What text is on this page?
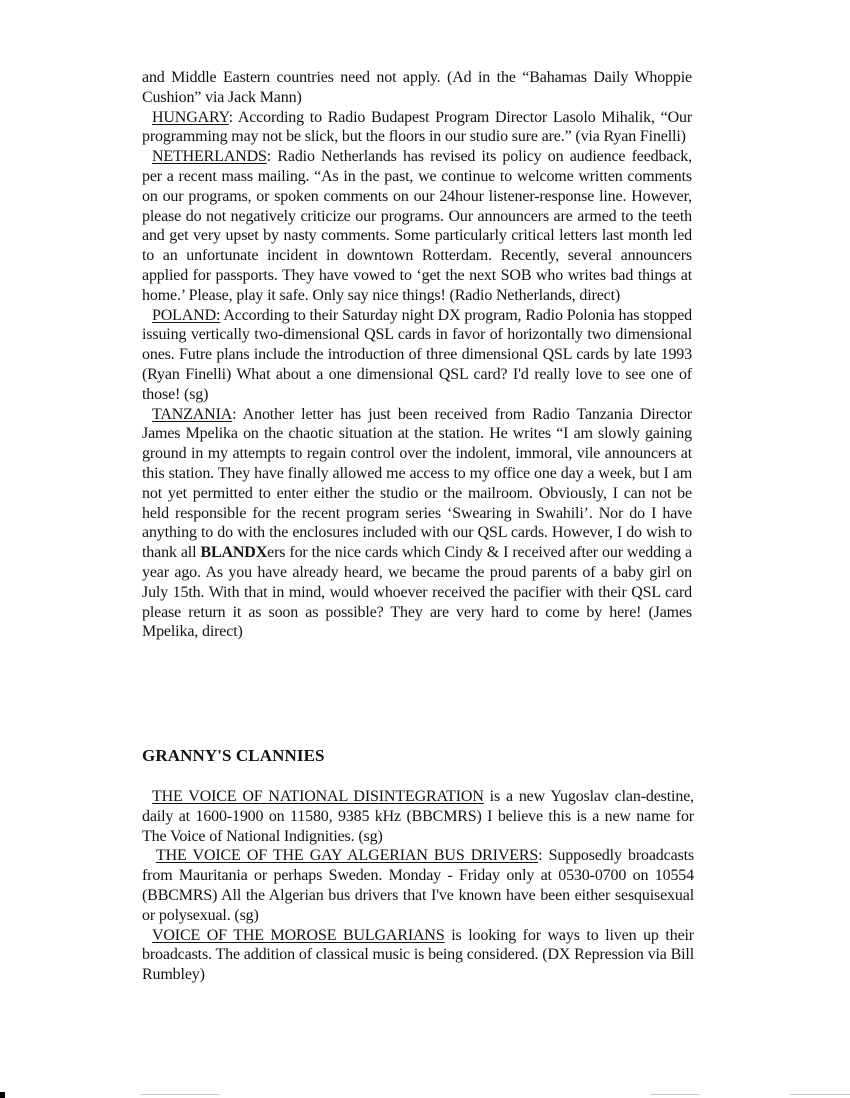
and Middle Eastern countries need not apply. (Ad in the “Bahamas Daily Whoppie Cushion” via Jack Mann)

HUNGARY: According to Radio Budapest Program Director Lasolo Mihalik, “Our programming may not be slick, but the floors in our studio sure are.” (via Ryan Finelli)

NETHERLANDS: Radio Netherlands has revised its policy on audience feedback, per a recent mass mailing. “As in the past, we continue to welcome written comments on our programs, or spoken comments on our 24hour listener-response line. However, please do not negatively criticize our programs. Our announcers are armed to the teeth and get very upset by nasty comments. Some particularly critical letters last month led to an unfortunate incident in downtown Rotterdam. Recently, several announcers applied for passports. They have vowed to ‘get the next SOB who writes bad things at home.’ Please, play it safe. Only say nice things! (Radio Netherlands, direct)

POLAND: According to their Saturday night DX program, Radio Polonia has stopped issuing vertically two-dimensional QSL cards in favor of horizontally two dimensional ones. Futre plans include the introduction of three dimensional QSL cards by late 1993 (Ryan Finelli) What about a one dimensional QSL card? I'd really love to see one of those! (sg)

TANZANIA: Another letter has just been received from Radio Tanzania Director James Mpelika on the chaotic situation at the station. He writes “I am slowly gaining ground in my attempts to regain control over the indolent, immoral, vile announcers at this station. They have finally allowed me access to my office one day a week, but I am not yet permitted to enter either the studio or the mailroom. Obviously, I can not be held responsible for the recent program series ‘Swearing in Swahili’. Nor do I have anything to do with the enclosures included with our QSL cards. However, I do wish to thank all BLANDXers for the nice cards which Cindy & I received after our wedding a year ago. As you have already heard, we became the proud parents of a baby girl on July 15th. With that in mind, would whoever received the pacifier with their QSL card please return it as soon as possible? They are very hard to come by here! (James Mpelika, direct)

GRANNY'S CLANNIES

THE VOICE OF NATIONAL DISINTEGRATION is a new Yugoslav clan-destine, daily at 1600-1900 on 11580, 9385 kHz (BBCMRS) I believe this is a new name for The Voice of National Indignities. (sg)

THE VOICE OF THE GAY ALGERIAN BUS DRIVERS: Supposedly broadcasts from Mauritania or perhaps Sweden. Monday - Friday only at 0530-0700 on 10554 (BBCMRS) All the Algerian bus drivers that I've known have been either sesquisexual or polysexual. (sg)

VOICE OF THE MOROSE BULGARIANS is looking for ways to liven up their broadcasts. The addition of classical music is being considered. (DX Repression via Bill Rumbley)
